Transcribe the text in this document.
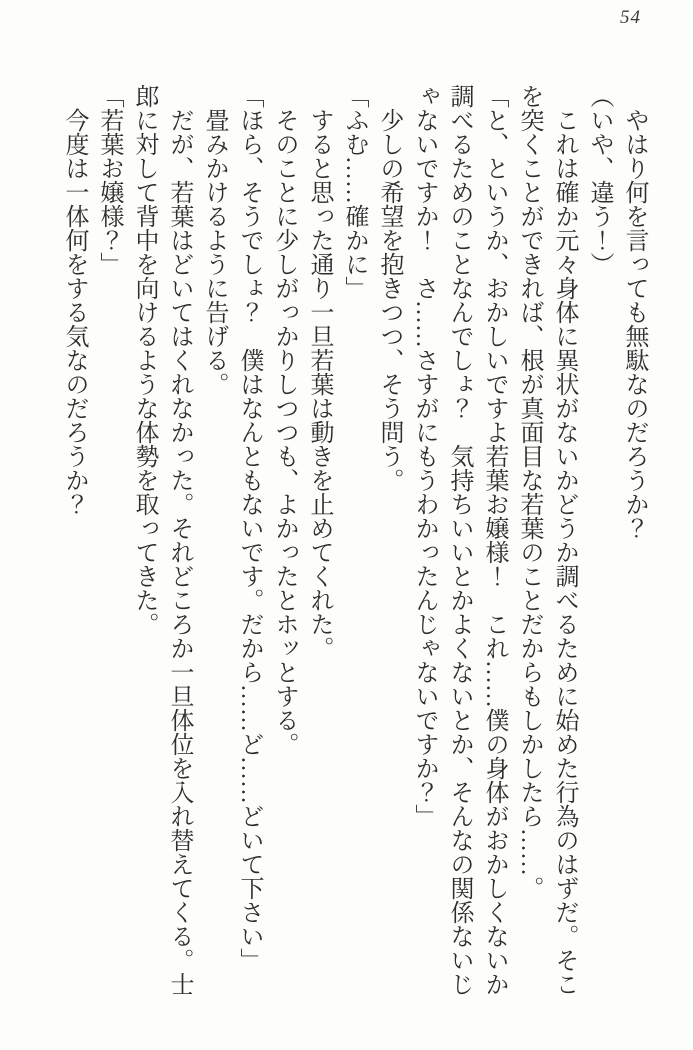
54

　やはり何を言っても無駄なのだろうか？

（いや、違う！）

　これは確か元々身体に異状がないかどうか調べるために始めた行為のはずだ。そこを突くことができれば、根が真面目な若葉のことだからもしかしたら……。

「と、というか、おかしいですよ若葉お嬢様！　これ……僕の身体がおかしくないか調べるためのことなんでしょ？　気持ちいいとかよくないとか、そんなの関係ないじゃないですか！　さ……さすがにもうわかったんじゃないですか？」

　少しの希望を抱きつつ、そう問う。

「ふむ……確かに」

　すると思った通り一旦若葉は動きを止めてくれた。

　そのことに少しがっかりしつつも、よかったとホッとする。

「ほら、そうでしょ？　僕はなんともないです。だから……ど……どいて下さい」

　畳みかけるように告げる。

　だが、若葉はどいてはくれなかった。それどころか一旦体位を入れ替えてくる。士郎に対して背中を向けるような体勢を取ってきた。

「若葉お嬢様？」

　今度は一体何をする気なのだろうか？
